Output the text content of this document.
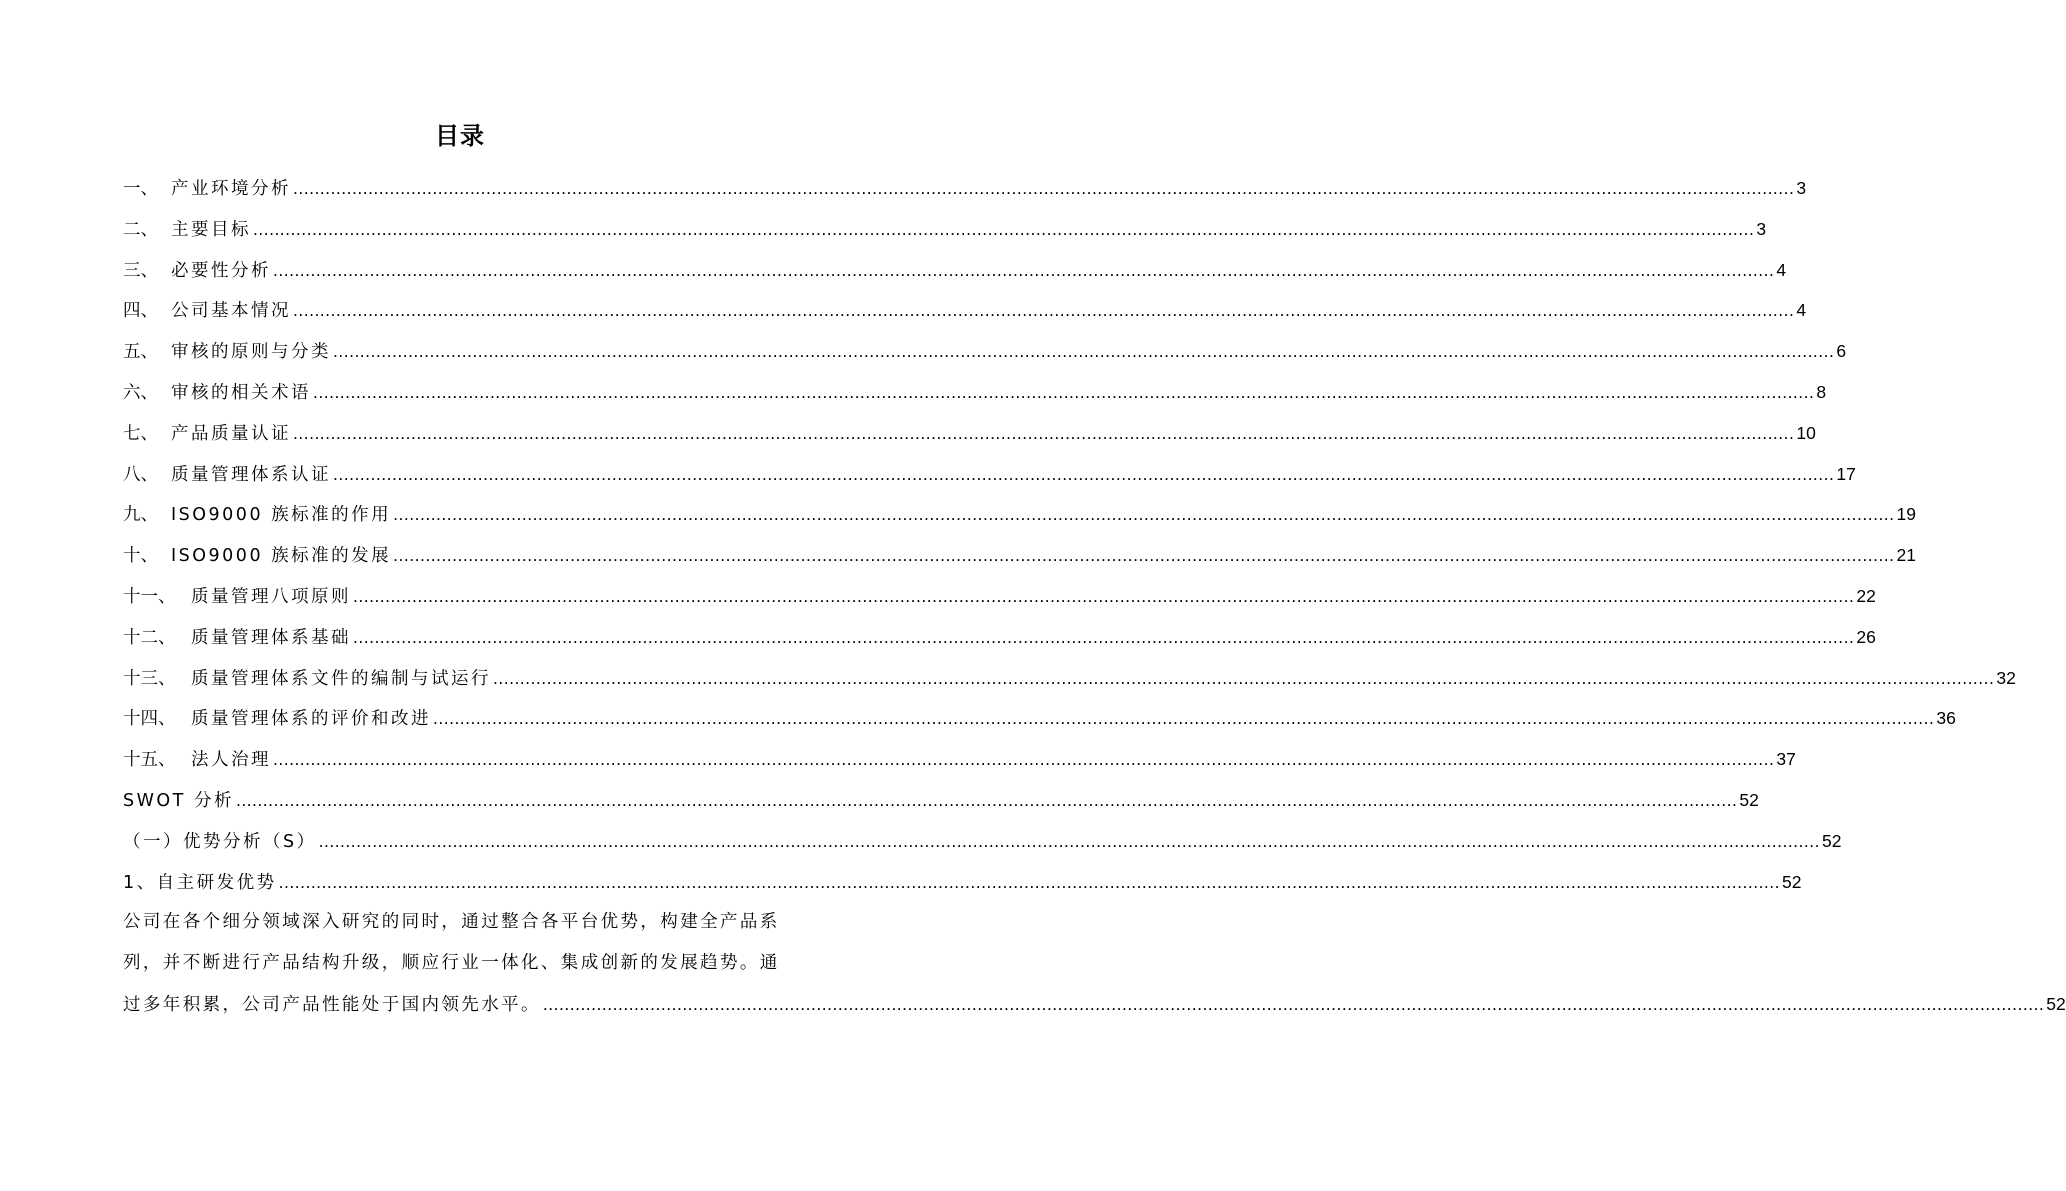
目录
一、 产业环境分析 ........................................................................................................................................................................................................................................................................................ 3
二、 主要目标 ........................................................................................................................................................................................................................................................................................ 3
三、 必要性分析 ........................................................................................................................................................................................................................................................................................ 4
四、 公司基本情况 ........................................................................................................................................................................................................................................................................................ 4
五、 审核的原则与分类 ........................................................................................................................................................................................................................................................................................ 6
六、 审核的相关术语 ........................................................................................................................................................................................................................................................................................ 8
七、 产品质量认证 ........................................................................................................................................................................................................................................................................................ 10
八、 质量管理体系认证 ........................................................................................................................................................................................................................................................................................ 17
九、 ISO9000 族标准的作用 ........................................................................................................................................................................................................................................................................................ 19
十、 ISO9000 族标准的发展 ........................................................................................................................................................................................................................................................................................ 21
十一、 质量管理八项原则 ........................................................................................................................................................................................................................................................................................ 22
十二、 质量管理体系基础 ........................................................................................................................................................................................................................................................................................ 26
十三、 质量管理体系文件的编制与试运行 ........................................................................................................................................................................................................................................................................................ 32
十四、 质量管理体系的评价和改进 ........................................................................................................................................................................................................................................................................................ 36
十五、 法人治理 ........................................................................................................................................................................................................................................................................................ 37
SWOT 分析 ........................................................................................................................................................................................................................................................................................ 52
（一）优势分析（S） ........................................................................................................................................................................................................................................................................................ 52
1、自主研发优势 ........................................................................................................................................................................................................................................................................................ 52
公司在各个细分领域深入研究的同时，通过整合各平台优势，构建全产品系
列，并不断进行产品结构升级，顺应行业一体化、集成创新的发展趋势。通
过多年积累，公司产品性能处于国内领先水平。 ........................................................................................................................................................................................................................................................................................ 52
